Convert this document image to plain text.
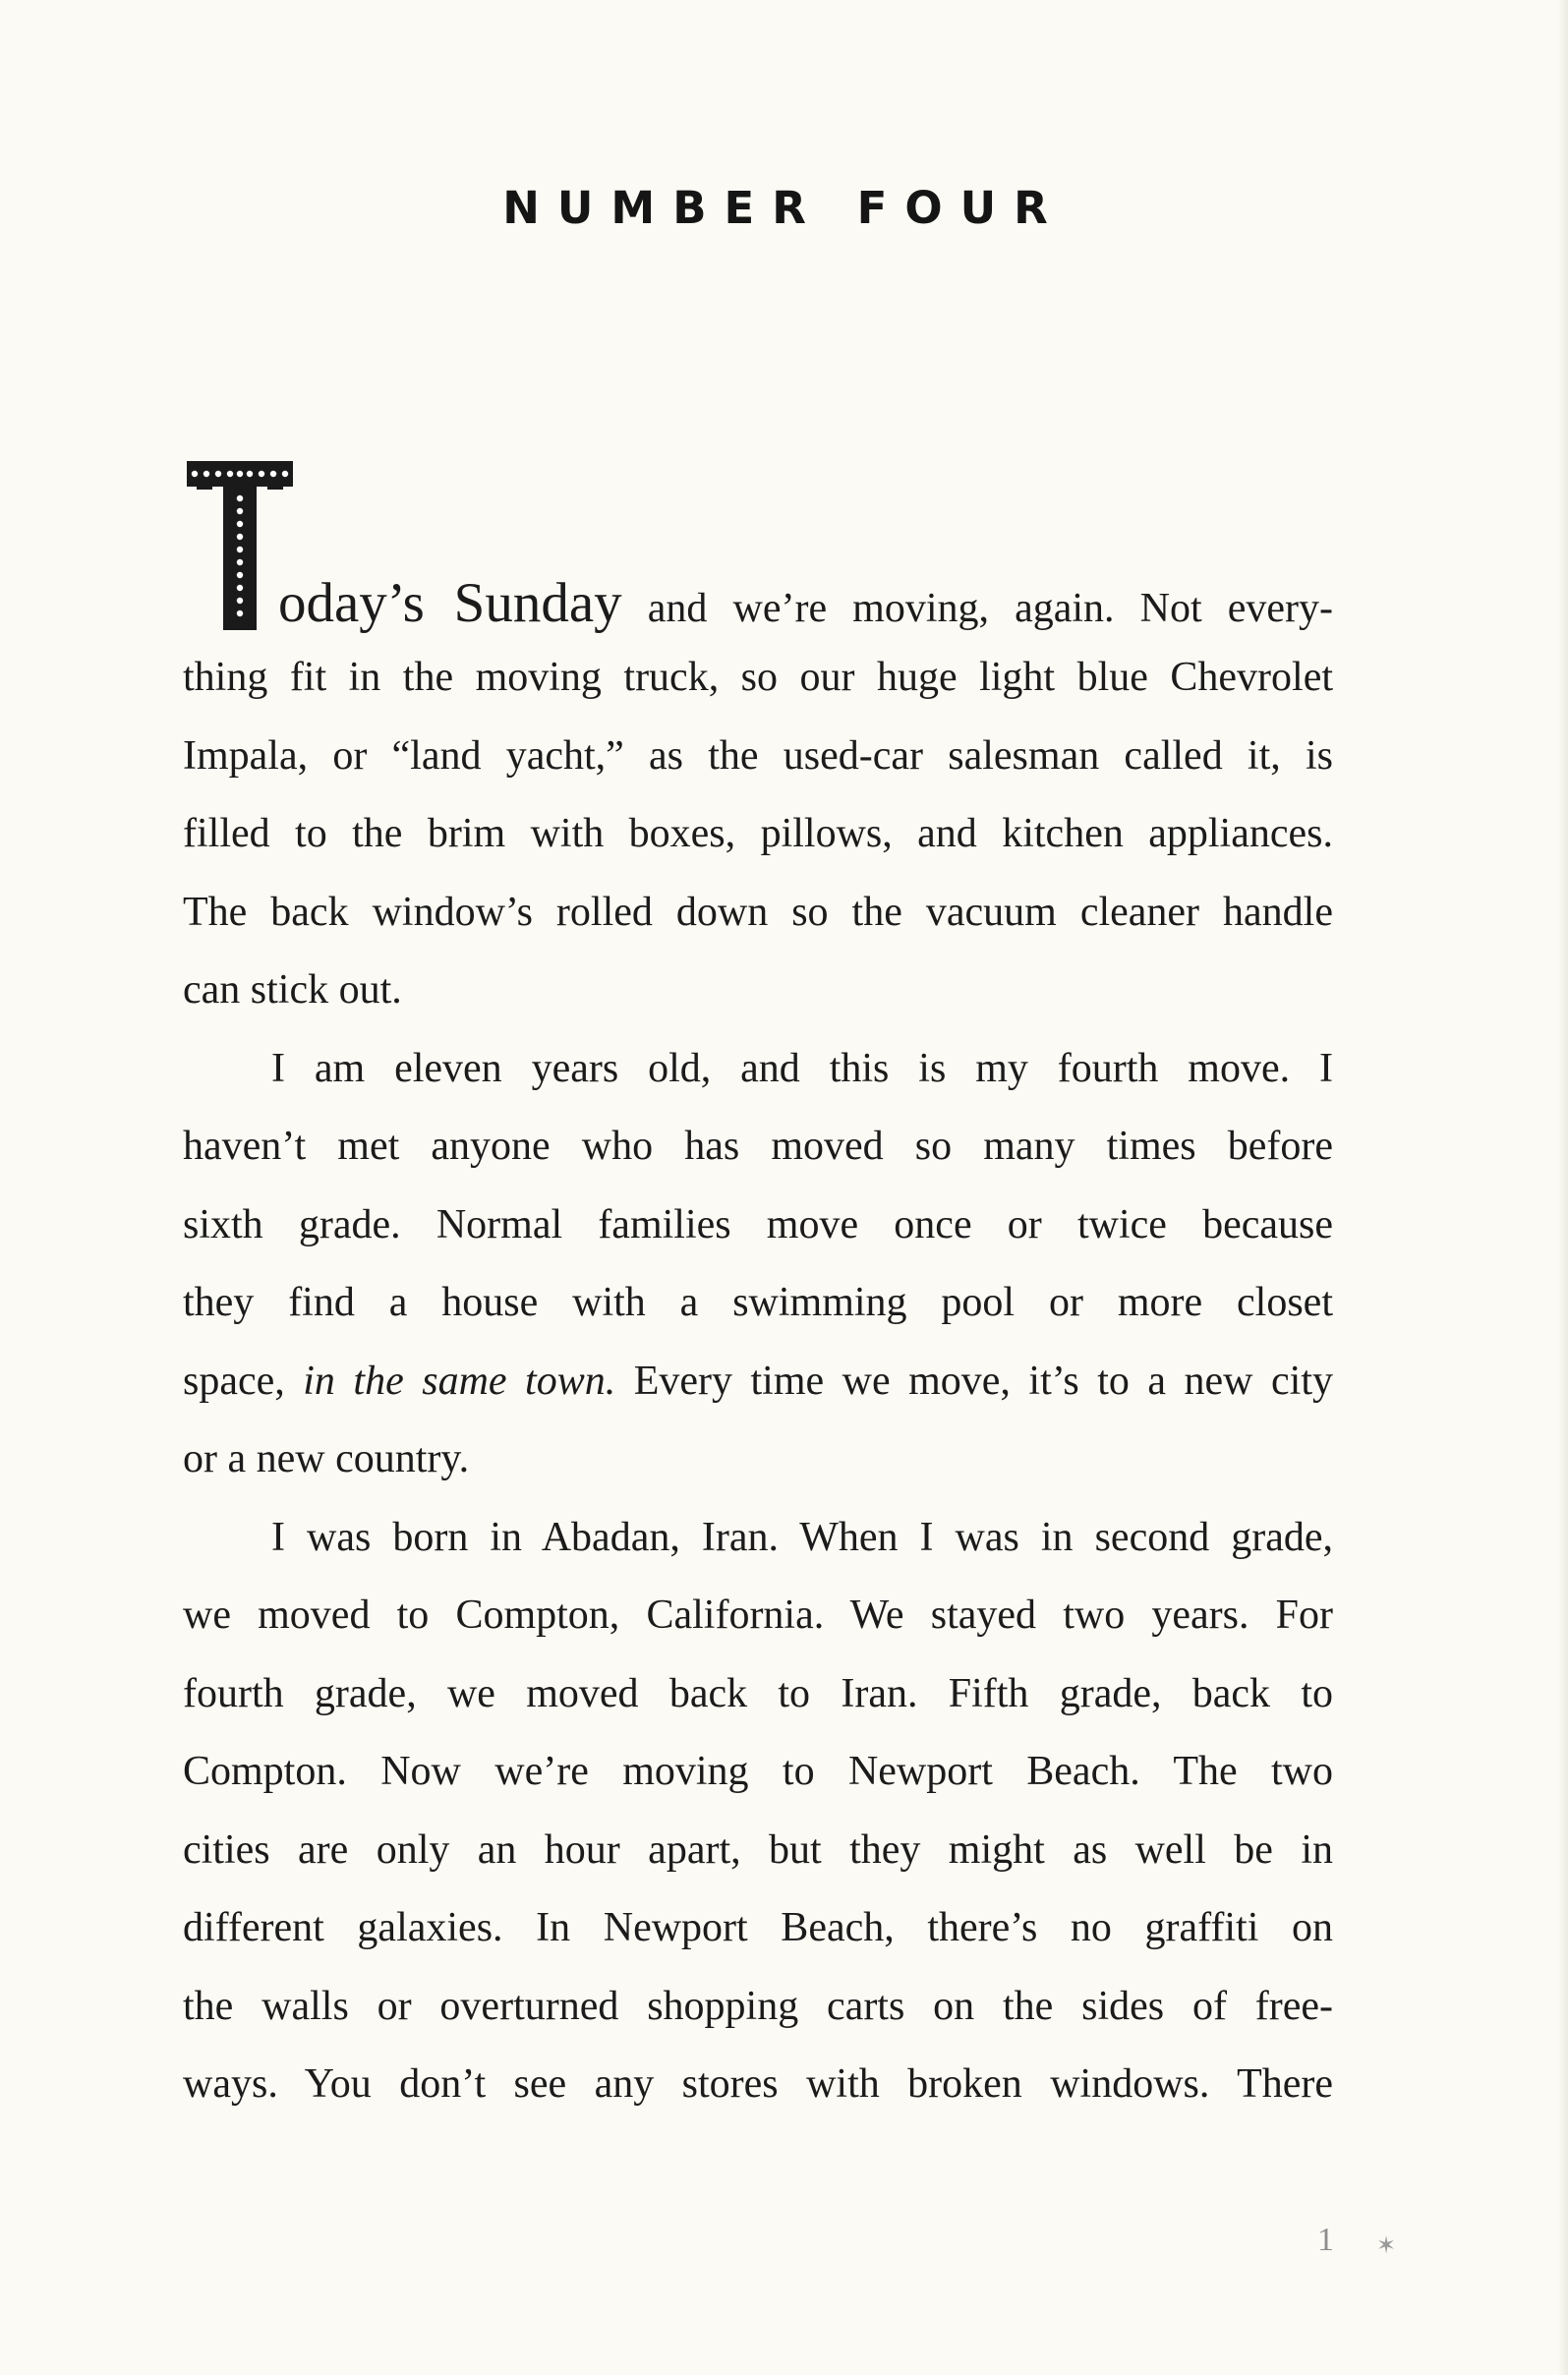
NUMBER FOUR
T oday’s Sunday and we’re moving, again. Not every-
thing fit in the moving truck, so our huge light blue Chevrolet
Impala, or “land yacht,” as the used-car salesman called it, is
filled to the brim with boxes, pillows, and kitchen appliances.
The back window’s rolled down so the vacuum cleaner handle
can stick out.
I am eleven years old, and this is my fourth move. I
haven’t met anyone who has moved so many times before
sixth grade. Normal families move once or twice because
they find a house with a swimming pool or more closet
space, in the same town. Every time we move, it’s to a new city
or a new country.
I was born in Abadan, Iran. When I was in second grade,
we moved to Compton, California. We stayed two years. For
fourth grade, we moved back to Iran. Fifth grade, back to
Compton. Now we’re moving to Newport Beach. The two
cities are only an hour apart, but they might as well be in
different galaxies. In Newport Beach, there’s no graffiti on
the walls or overturned shopping carts on the sides of free-
ways. You don’t see any stores with broken windows. There
1 ✶
